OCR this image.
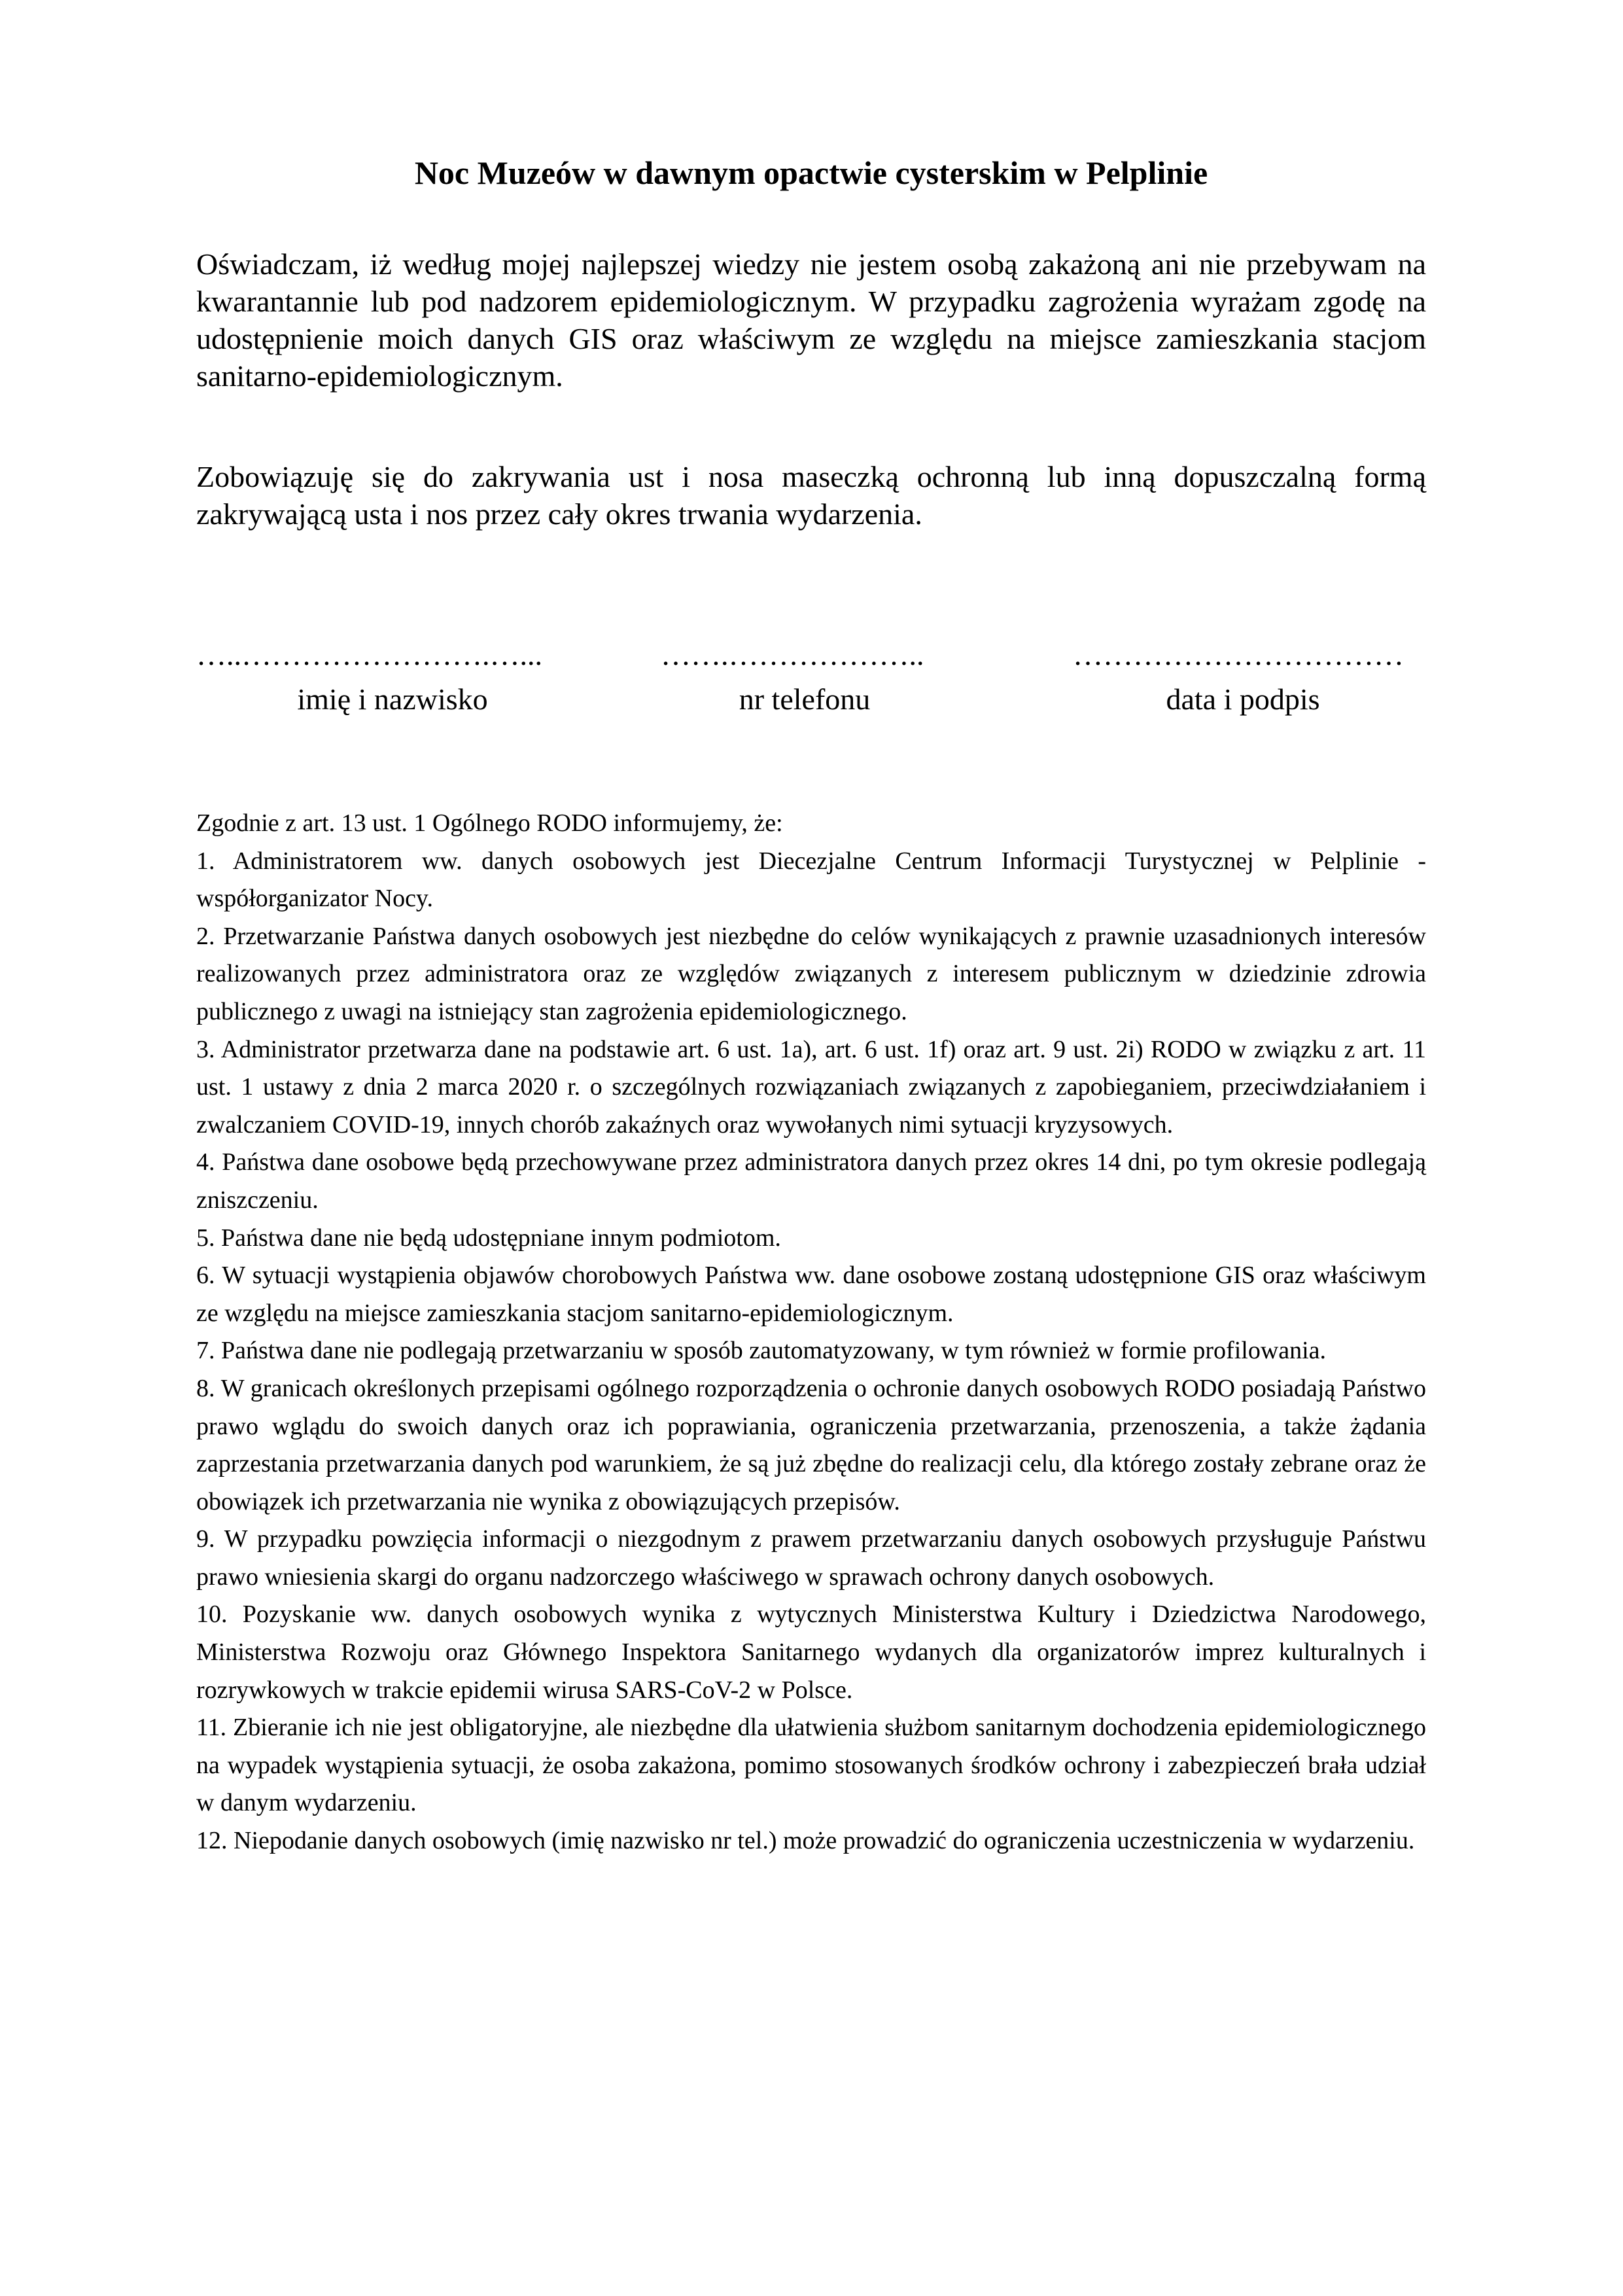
Noc Muzeów w dawnym opactwie cysterskim w Pelplinie

Oświadczam, iż według mojej najlepszej wiedzy nie jestem osobą zakażoną ani nie przebywam na kwarantannie lub pod nadzorem epidemiologicznym. W przypadku zagrożenia wyrażam zgodę na udostępnienie moich danych GIS oraz właściwym ze względu na miejsce zamieszkania stacjom sanitarno-epidemiologicznym.

Zobowiązuję się do zakrywania ust i nosa maseczką ochronną lub inną dopuszczalną formą zakrywającą usta i nos przez cały okres trwania wydarzenia.

…..…………………….…...	…….………………..	……………………………
imię i nazwisko	nr telefonu	data i podpis

Zgodnie z art. 13 ust. 1 Ogólnego RODO informujemy, że:

1. Administratorem ww. danych osobowych jest Diecezjalne Centrum Informacji Turystycznej w Pelplinie - współorganizator Nocy.

2. Przetwarzanie Państwa danych osobowych jest niezbędne do celów wynikających z prawnie uzasadnionych interesów realizowanych przez administratora oraz ze względów związanych z interesem publicznym w dziedzinie zdrowia publicznego z uwagi na istniejący stan zagrożenia epidemiologicznego.

3. Administrator przetwarza dane na podstawie art. 6 ust. 1a), art. 6 ust. 1f) oraz art. 9 ust. 2i) RODO w związku z art. 11 ust. 1 ustawy z dnia 2 marca 2020 r. o szczególnych rozwiązaniach związanych z zapobieganiem, przeciwdziałaniem i zwalczaniem COVID-19, innych chorób zakaźnych oraz wywołanych nimi sytuacji kryzysowych.

4. Państwa dane osobowe będą przechowywane przez administratora danych przez okres 14 dni, po tym okresie podlegają zniszczeniu.

5. Państwa dane nie będą udostępniane innym podmiotom.

6. W sytuacji wystąpienia objawów chorobowych Państwa ww. dane osobowe zostaną udostępnione GIS oraz właściwym ze względu na miejsce zamieszkania stacjom sanitarno-epidemiologicznym.

7. Państwa dane nie podlegają przetwarzaniu w sposób zautomatyzowany, w tym również w formie profilowania.

8. W granicach określonych przepisami ogólnego rozporządzenia o ochronie danych osobowych RODO posiadają Państwo prawo wglądu do swoich danych oraz ich poprawiania, ograniczenia przetwarzania, przenoszenia, a także żądania zaprzestania przetwarzania danych pod warunkiem, że są już zbędne do realizacji celu, dla którego zostały zebrane oraz że obowiązek ich przetwarzania nie wynika z obowiązujących przepisów.

9. W przypadku powzięcia informacji o niezgodnym z prawem przetwarzaniu danych osobowych przysługuje Państwu prawo wniesienia skargi do organu nadzorczego właściwego w sprawach ochrony danych osobowych.

10. Pozyskanie ww. danych osobowych wynika z wytycznych Ministerstwa Kultury i Dziedzictwa Narodowego, Ministerstwa Rozwoju oraz Głównego Inspektora Sanitarnego wydanych dla organizatorów imprez kulturalnych i rozrywkowych w trakcie epidemii wirusa SARS-CoV-2 w Polsce.

11. Zbieranie ich nie jest obligatoryjne, ale niezbędne dla ułatwienia służbom sanitarnym dochodzenia epidemiologicznego na wypadek wystąpienia sytuacji, że osoba zakażona, pomimo stosowanych środków ochrony i zabezpieczeń brała udział w danym wydarzeniu.

12. Niepodanie danych osobowych (imię nazwisko nr tel.) może prowadzić do ograniczenia uczestniczenia w wydarzeniu.
